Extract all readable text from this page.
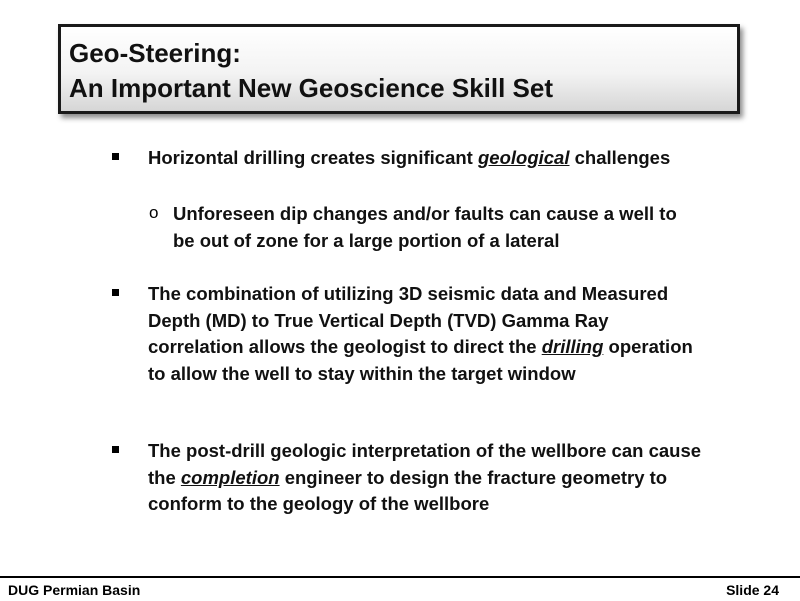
Geo-Steering:
An Important New Geoscience Skill Set
Horizontal drilling creates significant geological challenges
o Unforeseen dip changes and/or faults can cause a well to be out of zone for a large portion of a lateral
The combination of utilizing 3D seismic data and Measured Depth (MD) to True Vertical Depth (TVD) Gamma Ray correlation allows the geologist to direct the drilling operation to allow the well to stay within the target window
The post-drill geologic interpretation of the wellbore can cause the completion engineer to design the fracture geometry to conform to the geology of the wellbore
DUG Permian Basin	Slide 24
